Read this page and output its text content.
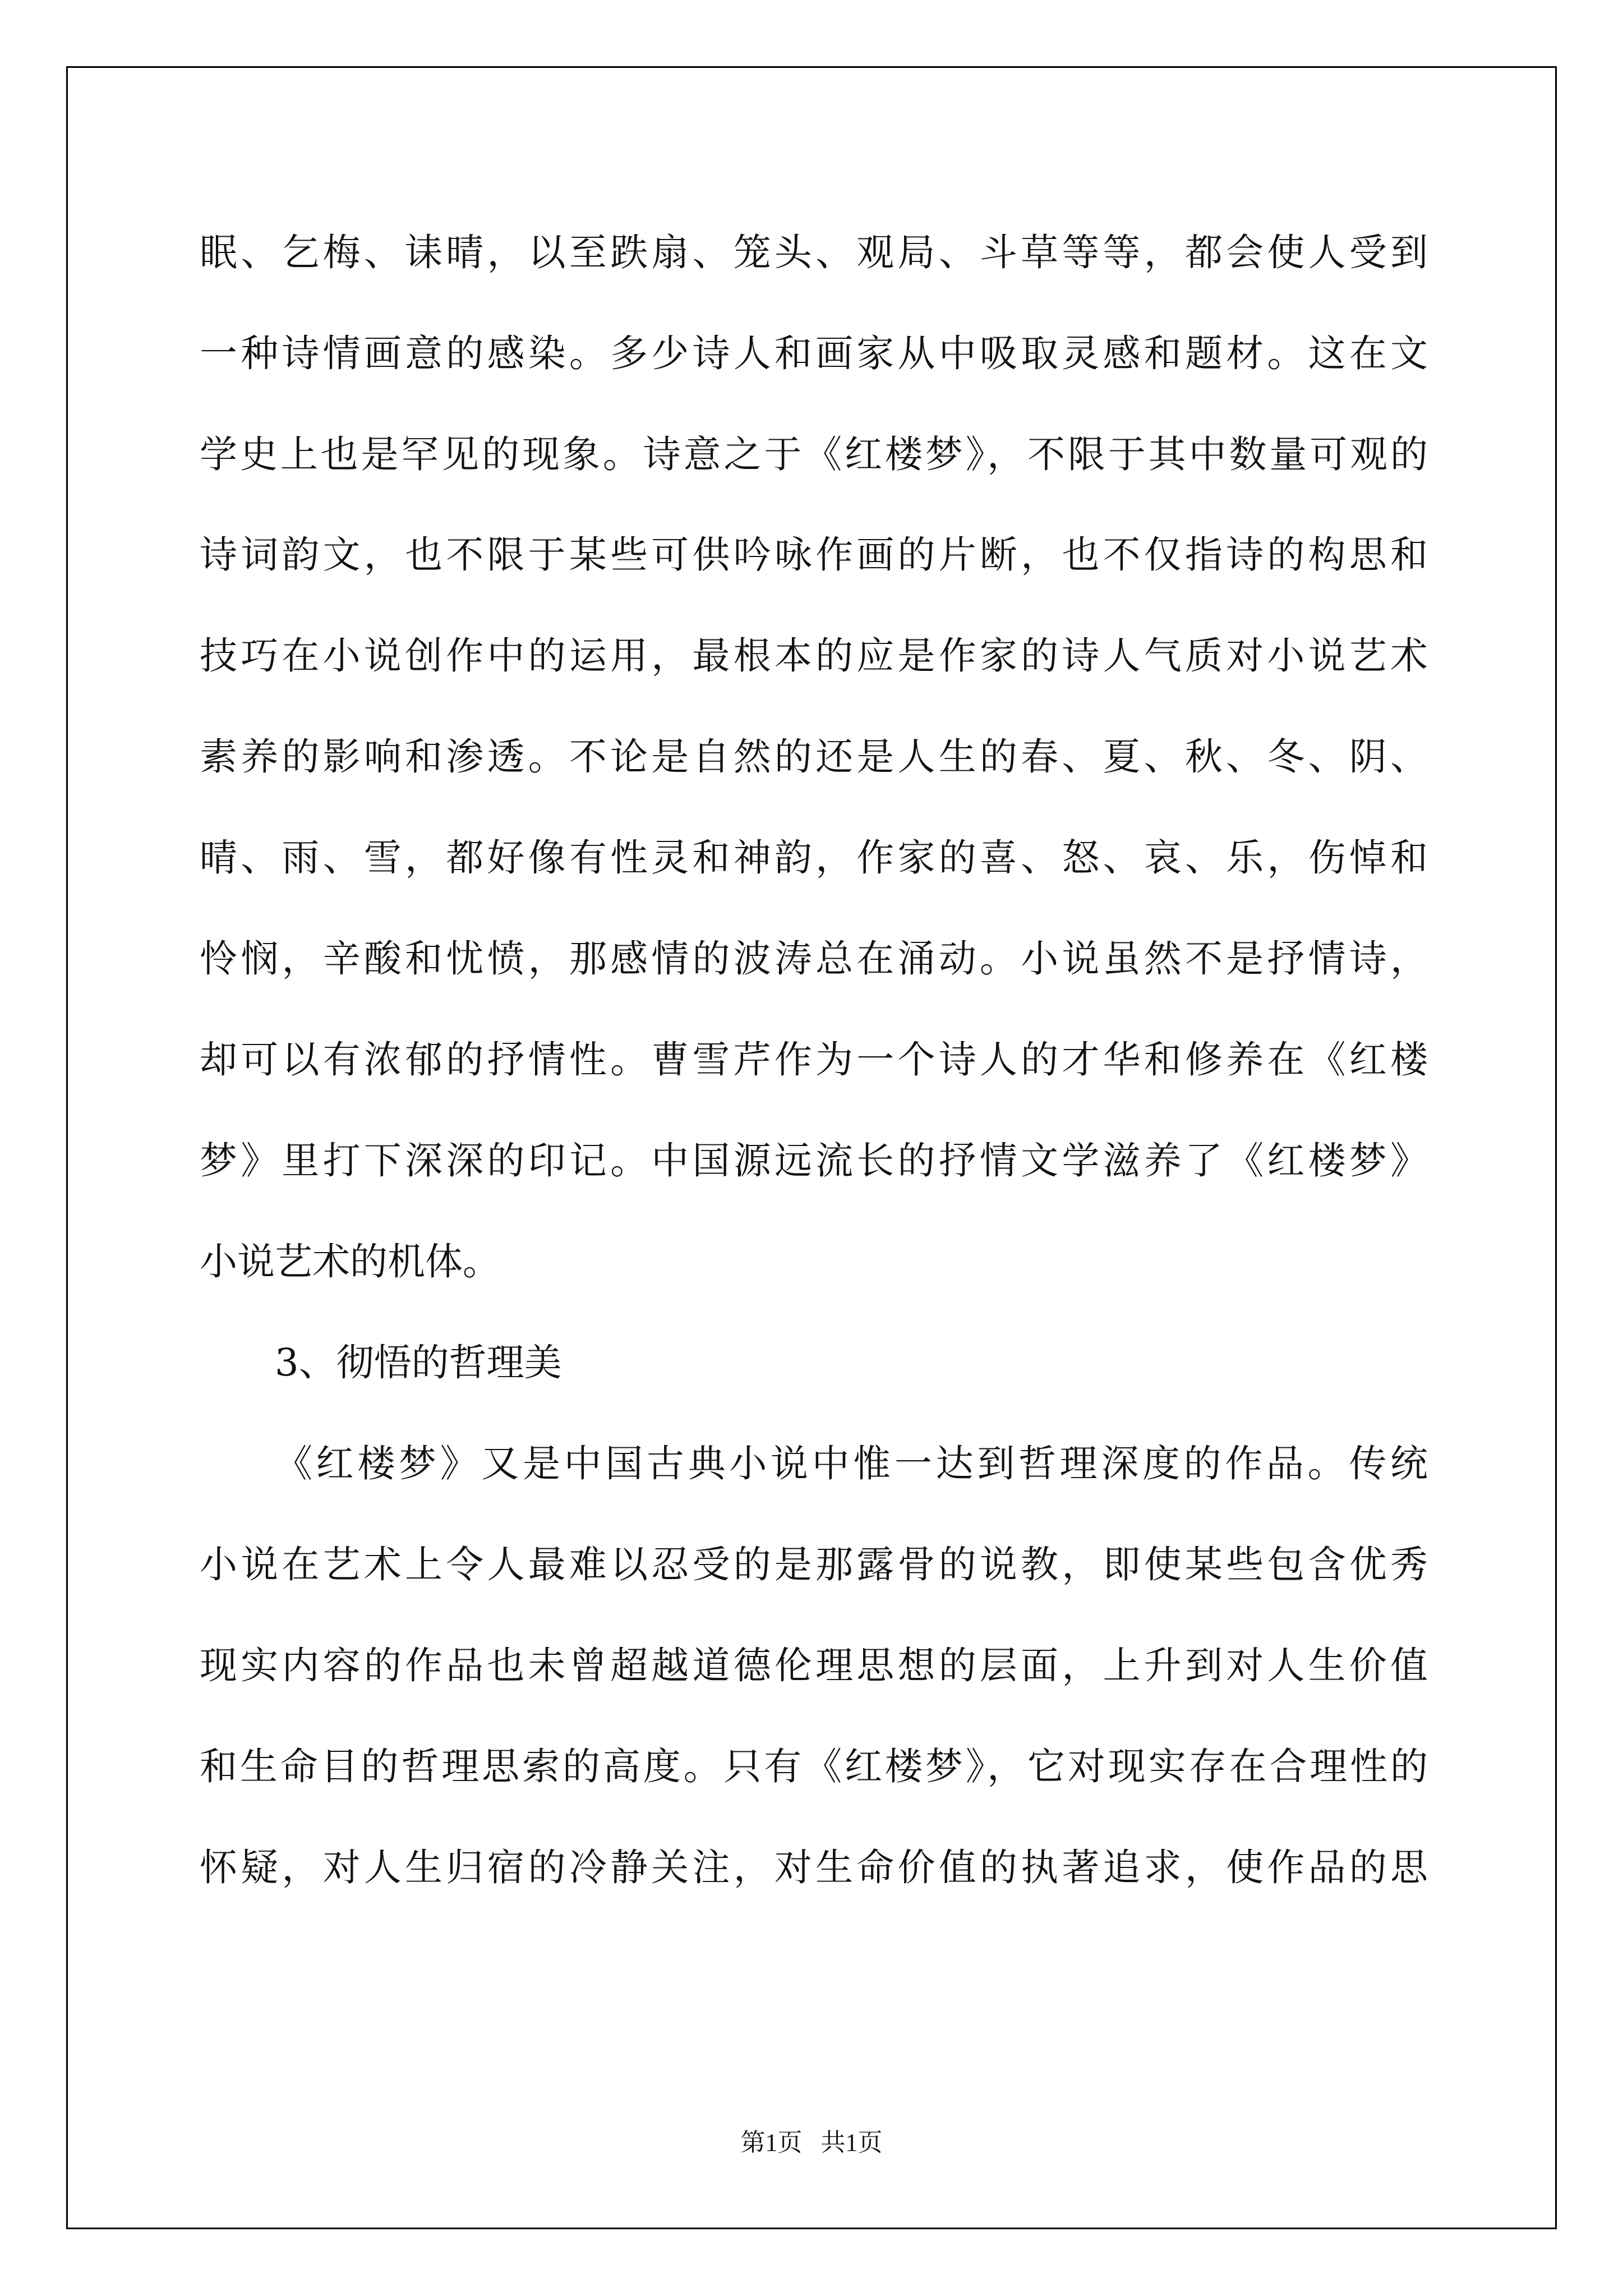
眠、乞梅、诔晴，以至跌扇、笼头、观局、斗草等等，都会使人受到
一种诗情画意的感染。多少诗人和画家从中吸取灵感和题材。这在文
学史上也是罕见的现象。诗意之于《红楼梦》，不限于其中数量可观的
诗词韵文，也不限于某些可供吟咏作画的片断，也不仅指诗的构思和
技巧在小说创作中的运用，最根本的应是作家的诗人气质对小说艺术
素养的影响和渗透。不论是自然的还是人生的春、夏、秋、冬、阴、
晴、雨、雪，都好像有性灵和神韵，作家的喜、怒、哀、乐，伤悼和
怜悯，辛酸和忧愤，那感情的波涛总在涌动。小说虽然不是抒情诗，
却可以有浓郁的抒情性。曹雪芹作为一个诗人的才华和修养在《红楼
梦》里打下深深的印记。中国源远流长的抒情文学滋养了《红楼梦》
小说艺术的机体。
3、彻悟的哲理美
《红楼梦》又是中国古典小说中惟一达到哲理深度的作品。传统
小说在艺术上令人最难以忍受的是那露骨的说教，即使某些包含优秀
现实内容的作品也未曾超越道德伦理思想的层面，上升到对人生价值
和生命目的哲理思索的高度。只有《红楼梦》，它对现实存在合理性的
怀疑，对人生归宿的冷静关注，对生命价值的执著追求，使作品的思
第1页   共1页
